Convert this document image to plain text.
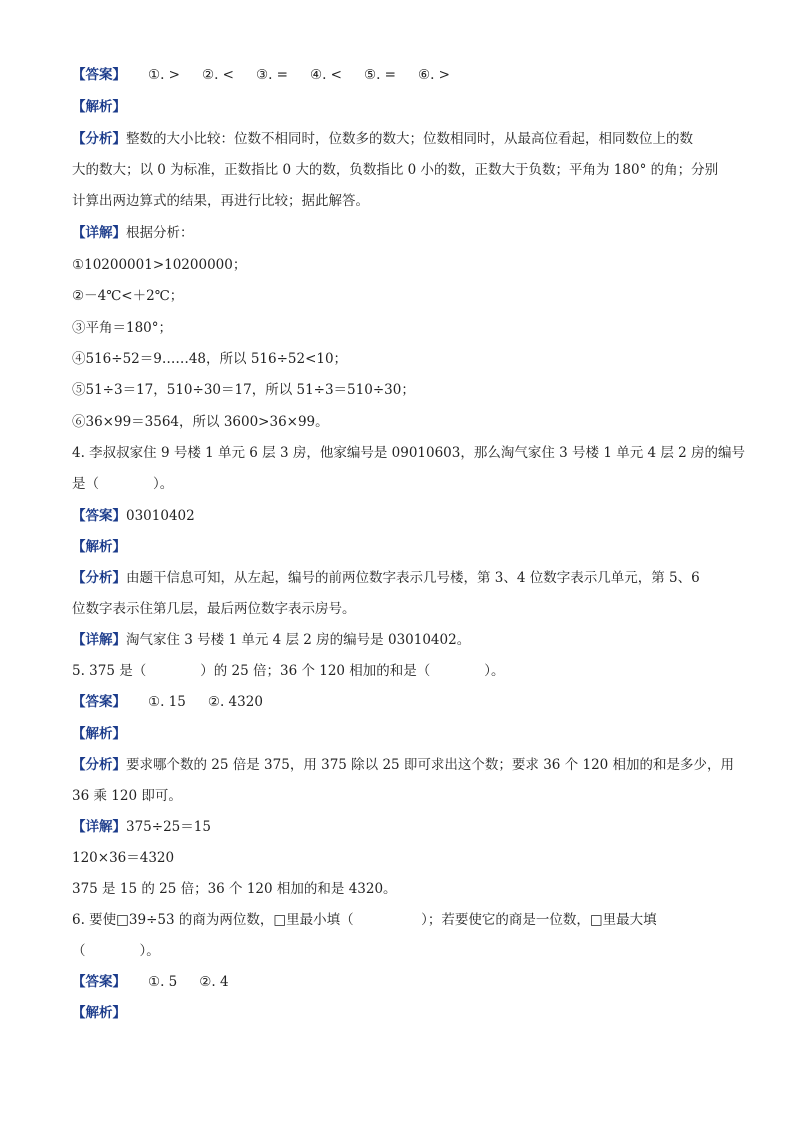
【答案】 ①. > ②. < ③. = ④. < ⑤. = ⑥. >
【解析】
【分析】整数的大小比较：位数不相同时，位数多的数大；位数相同时，从最高位看起，相同数位上的数
大的数大；以 0 为标准，正数指比 0 大的数，负数指比 0 小的数，正数大于负数；平角为 180° 的角；分别
计算出两边算式的结果，再进行比较；据此解答。
【详解】根据分析：
①10200001>10200000；
②－4℃<＋2℃；
③平角＝180°；
④516÷52＝9……48，所以 516÷52<10；
⑤51÷3＝17，510÷30＝17，所以 51÷3＝510÷30；
⑥36×99＝3564，所以 3600>36×99。
4. 李叔叔家住 9 号楼 1 单元 6 层 3 房，他家编号是 09010603，那么淘气家住 3 号楼 1 单元 4 层 2 房的编号
是（　　　　）。
【答案】03010402
【解析】
【分析】由题干信息可知，从左起，编号的前两位数字表示几号楼，第 3、4 位数字表示几单元，第 5、6
位数字表示住第几层，最后两位数字表示房号。
【详解】淘气家住 3 号楼 1 单元 4 层 2 房的编号是 03010402。
5. 375 是（　　　　）的 25 倍；36 个 120 相加的和是（　　　　）。
【答案】 ①. 15 ②. 4320
【解析】
【分析】要求哪个数的 25 倍是 375，用 375 除以 25 即可求出这个数；要求 36 个 120 相加的和是多少，用
36 乘 120 即可。
【详解】375÷25＝15
120×36＝4320
375 是 15 的 25 倍；36 个 120 相加的和是 4320。
6. 要使□39÷53 的商为两位数，□里最小填（　　　　　）；若要使它的商是一位数，□里最大填
（　　　　）。
【答案】 ①. 5 ②. 4
【解析】
